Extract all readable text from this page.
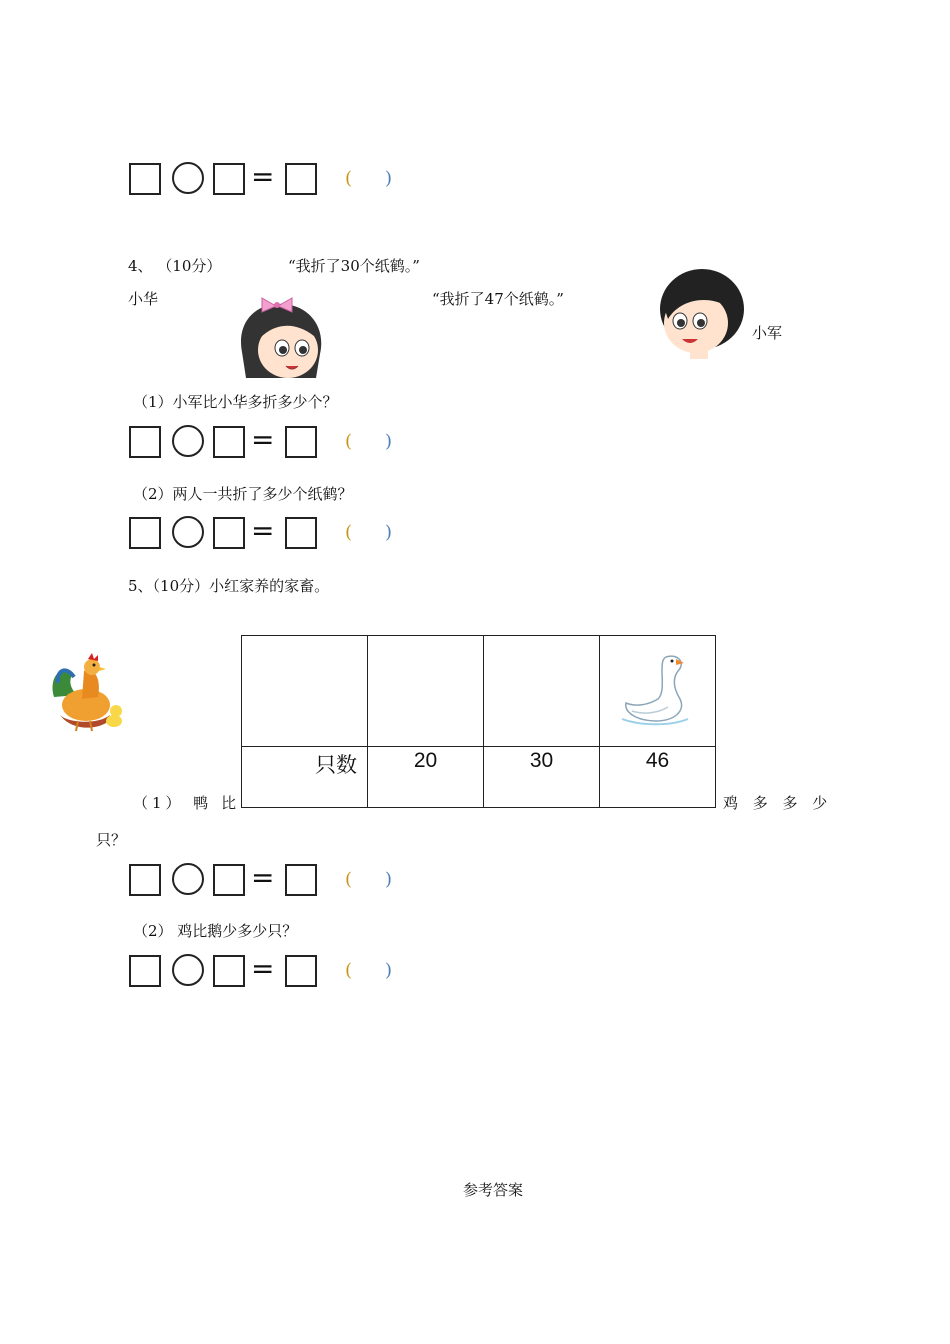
=	( )
4、 （10分）	“我折了30个纸鹤。”
小华	“我折了47个纸鹤。”
小军
（1）小军比小华多折多少个？
=	( )
（2）两人一共折了多少个纸鹤？
=	( )
5、（10分）小红家养的家畜。

只数	20	30	46
（1） 鸭 比	鸡 多 多 少
只？
=	( )
（2） 鸡比鹅少多少只？
=	( )
参考答案
